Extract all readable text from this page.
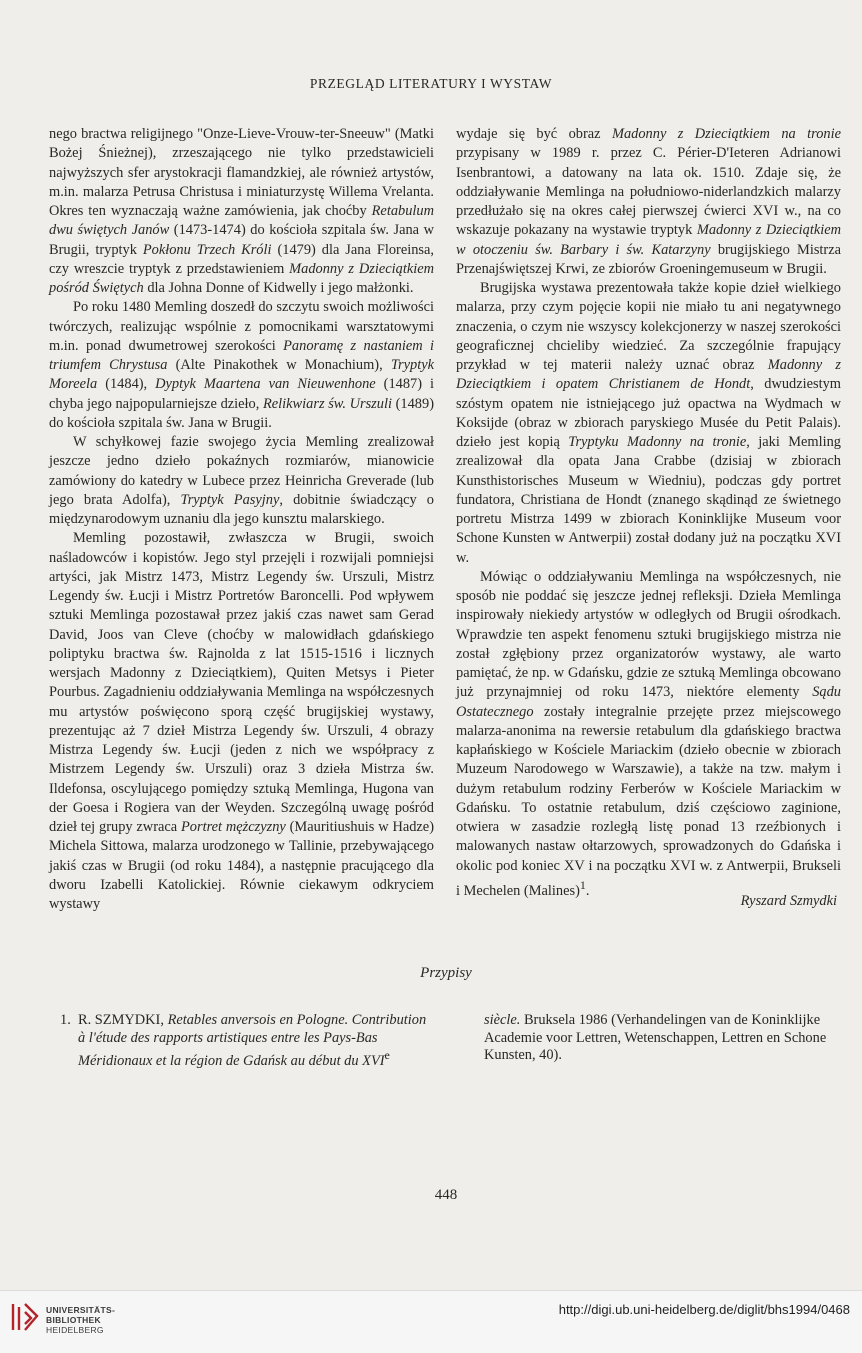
PRZEGLĄD LITERATURY I WYSTAW

nego bractwa religijnego "Onze-Lieve-Vrouw-ter-Sneeuw" (Matki Bożej Śnieżnej), zrzeszającego nie tylko przedstawicieli najwyższych sfer arystokracji flamandzkiej, ale również artystów, m.in. malarza Petrusa Christusa i miniaturzystę Willema Vrelanta. Okres ten wyznaczają ważne zamówienia, jak choćby Retabulum dwu świętych Janów (1473-1474) do kościoła szpitala św. Jana w Brugii, tryptyk Pokłonu Trzech Króli (1479) dla Jana Floreinsa, czy wreszcie tryptyk z przedstawieniem Madonny z Dzieciątkiem pośród Świętych dla Johna Donne of Kidwelly i jego małżonki.

Po roku 1480 Memling doszedł do szczytu swoich możliwości twórczych, realizując wspólnie z pomocnikami warsztatowymi m.in. ponad dwumetrowej szerokości Panoramę z nastaniem i triumfem Chrystusa (Alte Pinakothek w Monachium), Tryptyk Moreela (1484), Dyptyk Maartena van Nieuwenhone (1487) i chyba jego najpopularniejsze dzieło, Relikwiarz św. Urszuli (1489) do kościoła szpitala św. Jana w Brugii.

W schyłkowej fazie swojego życia Memling zrealizował jeszcze jedno dzieło pokaźnych rozmiarów, mianowicie zamówiony do katedry w Lubece przez Heinricha Greverade (lub jego brata Adolfa), Tryptyk Pasyjny, dobitnie świadczący o międzynarodowym uznaniu dla jego kunsztu malarskiego.

Memling pozostawił, zwłaszcza w Brugii, swoich naśladowców i kopistów. Jego styl przejęli i rozwijali pomniejsi artyści, jak Mistrz 1473, Mistrz Legendy św. Urszuli, Mistrz Legendy św. Łucji i Mistrz Portretów Baroncelli. Pod wpływem sztuki Memlinga pozostawał przez jakiś czas nawet sam Gerad David, Joos van Cleve (choćby w malowidłach gdańskiego poliptyku bractwa św. Rajnolda z lat 1515-1516 i licznych wersjach Madonny z Dzieciątkiem), Quiten Metsys i Pieter Pourbus. Zagadnieniu oddziaływania Memlinga na współczesnych mu artystów poświęcono sporą część brugijskiej wystawy, prezentując aż 7 dzieł Mistrza Legendy św. Urszuli, 4 obrazy Mistrza Legendy św. Łucji (jeden z nich we współpracy z Mistrzem Legendy św. Urszuli) oraz 3 dzieła Mistrza św. Ildefonsa, oscylującego pomiędzy sztuką Memlinga, Hugona van der Goesa i Rogiera van der Weyden. Szczególną uwagę pośród dzieł tej grupy zwraca Portret mężczyzny (Mauritiushuis w Hadze) Michela Sittowa, malarza urodzonego w Tallinie, przebywającego jakiś czas w Brugii (od roku 1484), a następnie pracującego dla dworu Izabelli Katolickiej. Równie ciekawym odkryciem wystawy

wydaje się być obraz Madonny z Dzieciątkiem na tronie przypisany w 1989 r. przez C. Périer-D'Ieteren Adrianowi Isenbrantowi, a datowany na lata ok. 1510. Zdaje się, że oddziaływanie Memlinga na południowo-niderlandzkich malarzy przedłużało się na okres całej pierwszej ćwierci XVI w., na co wskazuje pokazany na wystawie tryptyk Madonny z Dzieciątkiem w otoczeniu św. Barbary i św. Katarzyny brugijskiego Mistrza Przenajświętszej Krwi, ze zbiorów Groeningemuseum w Brugii.

Brugijska wystawa prezentowała także kopie dzieł wielkiego malarza, przy czym pojęcie kopii nie miało tu ani negatywnego znaczenia, o czym nie wszyscy kolekcjonerzy w naszej szerokości geograficznej chcieliby wiedzieć. Za szczególnie frapujący przykład w tej materii należy uznać obraz Madonny z Dzieciątkiem i opatem Christianem de Hondt, dwudziestym szóstym opatem nie istniejącego już opactwa na Wydmach w Koksijde (obraz w zbiorach paryskiego Musée du Petit Palais). dzieło jest kopią Tryptyku Madonny na tronie, jaki Memling zrealizował dla opata Jana Crabbe (dzisiaj w zbiorach Kunsthistorisches Museum w Wiedniu), podczas gdy portret fundatora, Christiana de Hondt (znanego skądinąd ze świetnego portretu Mistrza 1499 w zbiorach Koninklijke Museum voor Schone Kunsten w Antwerpii) został dodany już na początku XVI w.

Mówiąc o oddziaływaniu Memlinga na współczesnych, nie sposób nie poddać się jeszcze jednej refleksji. Dzieła Memlinga inspirowały niekiedy artystów w odległych od Brugii ośrodkach. Wprawdzie ten aspekt fenomenu sztuki brugijskiego mistrza nie został zgłębiony przez organizatorów wystawy, ale warto pamiętać, że np. w Gdańsku, gdzie ze sztuką Memlinga obcowano już przynajmniej od roku 1473, niektóre elementy Sądu Ostatecznego zostały integralnie przejęte przez miejscowego malarza-anonima na rewersie retabulum dla gdańskiego bractwa kapłańskiego w Kościele Mariackim (dzieło obecnie w zbiorach Muzeum Narodowego w Warszawie), a także na tzw. małym i dużym retabulum rodziny Ferberów w Kościele Mariackim w Gdańsku. To ostatnie retabulum, dziś częściowo zaginione, otwiera w zasadzie rozległą listę ponad 13 rzeźbionych i malowanych nastaw ołtarzowych, sprowadzonych do Gdańska i okolic pod koniec XV i na początku XVI w. z Antwerpii, Brukseli i Mechelen (Malines)$^1$.

Ryszard Szmydki
Przypisy
1. R. SZMYDKI, Retables anversois en Pologne. Contribution à l'étude des rapports artistiques entre les Pays-Bas Méridionaux et la région de Gdańsk au début du XVIe
siècle. Bruksela 1986 (Verhandelingen van de Koninklijke Academie voor Lettren, Wetenschappen, Lettren en Schone Kunsten, 40).
448
UNIVERSITÄTS-
BIBLIOTHEK
HEIDELBERG
http://digi.ub.uni-heidelberg.de/diglit/bhs1994/0468
